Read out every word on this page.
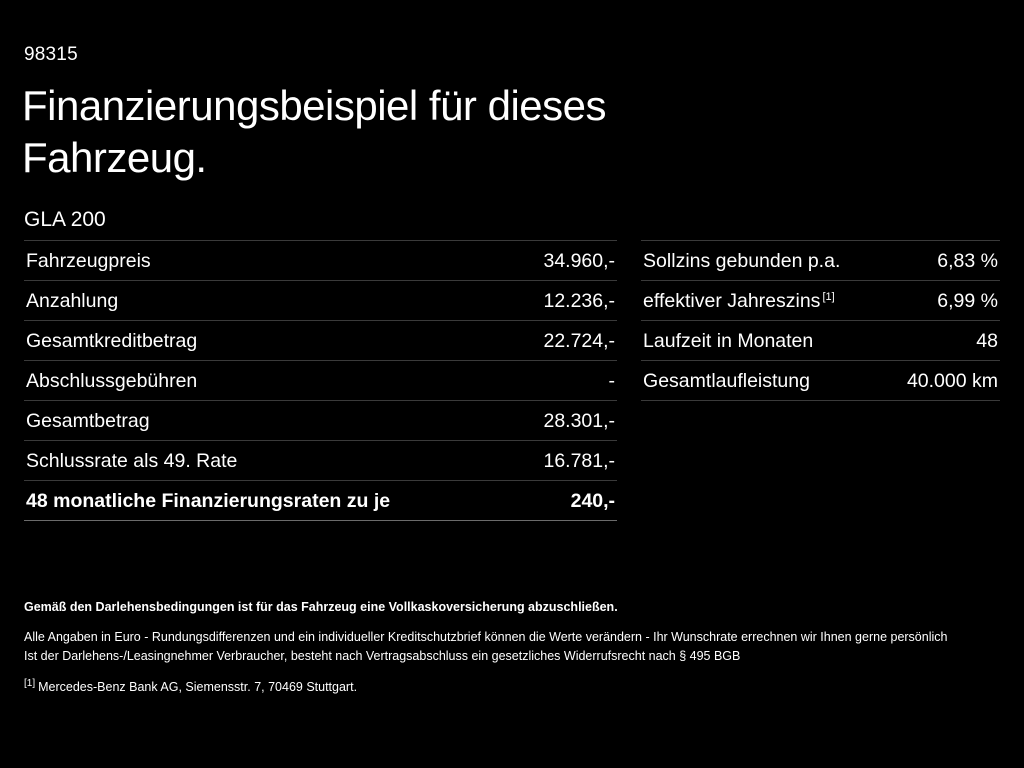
98315
Finanzierungsbeispiel für dieses Fahrzeug.
GLA 200
Fahrzeugpreis	34.960,-
Anzahlung	12.236,-
Gesamtkreditbetrag	22.724,-
Abschlussgebühren	-
Gesamtbetrag	28.301,-
Schlussrate als 49. Rate	16.781,-
48 monatliche Finanzierungsraten zu je	240,-
Sollzins gebunden p.a.	6,83 %
effektiver Jahreszins [1]	6,99 %
Laufzeit in Monaten	48
Gesamtlaufleistung	40.000 km
Gemäß den Darlehensbedingungen ist für das Fahrzeug eine Vollkaskoversicherung abzuschließen.
Alle Angaben in Euro - Rundungsdifferenzen und ein individueller Kreditschutzbrief können die Werte verändern - Ihr Wunschrate errechnen wir Ihnen gerne persönlich
Ist der Darlehens-/Leasingnehmer Verbraucher, besteht nach Vertragsabschluss ein gesetzliches Widerrufsrecht nach § 495 BGB
[1] Mercedes-Benz Bank AG, Siemensstr. 7, 70469 Stuttgart.
